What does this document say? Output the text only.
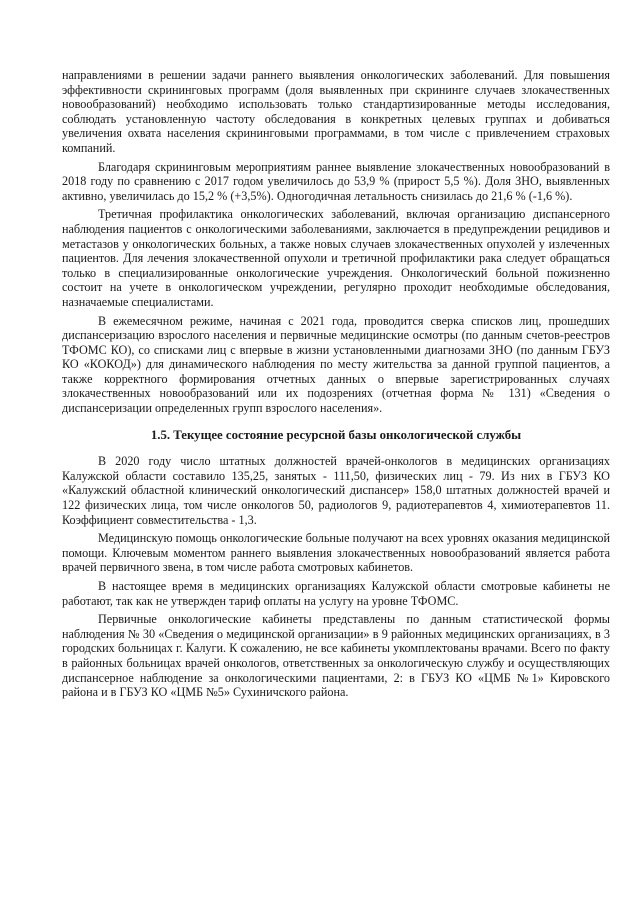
направлениями в решении задачи раннего выявления онкологических заболеваний. Для повышения эффективности скрининговых программ (доля выявленных при скрининге случаев злокачественных новообразований) необходимо использовать только стандартизированные методы исследования, соблюдать установленную частоту обследования в конкретных целевых группах и добиваться увеличения охвата населения скрининговыми программами, в том числе с привлечением страховых компаний.

Благодаря скрининговым мероприятиям раннее выявление злокачественных новообразований в 2018 году по сравнению с 2017 годом увеличилось до 53,9 % (прирост 5,5 %). Доля ЗНО, выявленных активно, увеличилась до 15,2 % (+3,5%). Одногодичная летальность снизилась до 21,6 % (-1,6 %).

Третичная профилактика онкологических заболеваний, включая организацию диспансерного наблюдения пациентов с онкологическими заболеваниями, заключается в предупреждении рецидивов и метастазов у онкологических больных, а также новых случаев злокачественных опухолей у излеченных пациентов. Для лечения злокачественной опухоли и третичной профилактики рака следует обращаться только в специализированные онкологические учреждения. Онкологический больной пожизненно состоит на учете в онкологическом учреждении, регулярно проходит необходимые обследования, назначаемые специалистами.

В ежемесячном режиме, начиная с 2021 года, проводится сверка списков лиц, прошедших диспансеризацию взрослого населения и первичные медицинские осмотры (по данным счетов-реестров ТФОМС КО), со списками лиц с впервые в жизни установленными диагнозами ЗНО (по данным ГБУЗ КО «КОКОД») для динамического наблюдения по месту жительства за данной группой пациентов, а также корректного формирования отчетных данных о впервые зарегистрированных случаях злокачественных новообразований или их подозрениях (отчетная форма № 131) «Сведения о диспансеризации определенных групп взрослого населения».

1.5. Текущее состояние ресурсной базы онкологической службы

В 2020 году число штатных должностей врачей-онкологов в медицинских организациях Калужской области составило 135,25, занятых - 111,50, физических лиц - 79. Из них в ГБУЗ КО «Калужский областной клинический онкологический диспансер» 158,0 штатных должностей врачей и 122 физических лица, том числе онкологов 50, радиологов 9, радиотерапевтов 4, химиотерапевтов 11. Коэффициент совместительства - 1,3.

Медицинскую помощь онкологические больные получают на всех уровнях оказания медицинской помощи. Ключевым моментом раннего выявления злокачественных новообразований является работа врачей первичного звена, в том числе работа смотровых кабинетов.

В настоящее время в медицинских организациях Калужской области смотровые кабинеты не работают, так как не утвержден тариф оплаты на услугу на уровне ТФОМС.

Первичные онкологические кабинеты представлены по данным статистической формы наблюдения № 30 «Сведения о медицинской организации» в 9 районных медицинских организациях, в 3 городских больницах г. Калуги. К сожалению, не все кабинеты укомплектованы врачами. Всего по факту в районных больницах врачей онкологов, ответственных за онкологическую службу и осуществляющих диспансерное наблюдение за онкологическими пациентами, 2: в ГБУЗ КО «ЦМБ №1» Кировского района и в ГБУЗ КО «ЦМБ №5» Сухиничского района.
